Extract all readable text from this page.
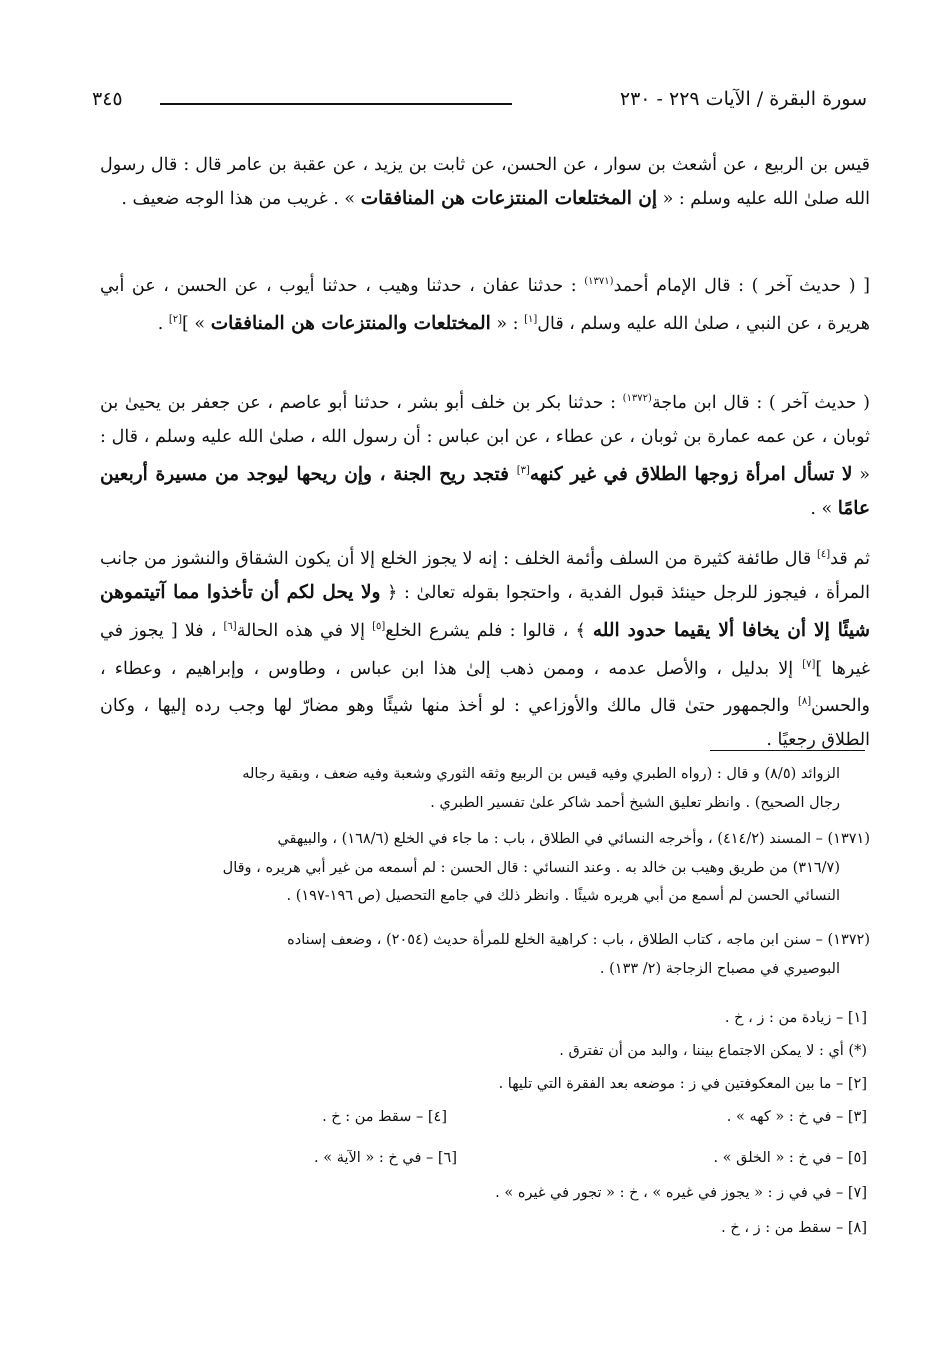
سورة البقرة / الآيات ٢٢٩ - ٢٣٠
٣٤٥

قيس بن الربيع ، عن أشعث بن سوار ، عن الحسن، عن ثابت بن يزيد ، عن عقبة بن عامر قال : قال رسول الله صلىٰ الله عليه وسلم : « إن المختلعات المنتزعات هن المنافقات » . غريب من هذا الوجه ضعيف .

[ ( حديث آخر ) : قال الإمام أحمد$^{(١٣٧١)}$ : حدثنا عفان ، حدثنا وهيب ، حدثنا أيوب ، عن الحسن ، عن أبي هريرة ، عن النبي ، صلىٰ الله عليه وسلم ، قال[١] : « المختلعات والمنتزعات هن المنافقات » ][٢] .

( حديث آخر ) : قال ابن ماجة$^{(١٣٧٢)}$ : حدثنا بكر بن خلف أبو بشر ، حدثنا أبو عاصم ، عن جعفر بن يحيىٰ بن ثوبان ، عن عمه عمارة بن ثوبان ، عن عطاء ، عن ابن عباس : أن رسول الله ، صلىٰ الله عليه وسلم ، قال : « لا تسأل امرأة زوجها الطلاق في غير كنهه[٣] فتجد ريح الجنة ، وإن ريحها ليوجد من مسيرة أربعين عامًا » .

ثم قد[٤] قال طائفة كثيرة من السلف وأئمة الخلف : إنه لا يجوز الخلع إلا أن يكون الشقاق والنشوز من جانب المرأة ، فيجوز للرجل حينئذ قبول الفدية ، واحتجوا بقوله تعالىٰ : ﴿ ولا يحل لكم أن تأخذوا مما آتيتموهن شيئًا إلا أن يخافا ألا يقيما حدود الله ﴾ ، قالوا : فلم يشرع الخلع[٥] إلا في هذه الحالة[٦] ، فلا [ يجوز في غيرها ][٧] إلا بدليل ، والأصل عدمه ، وممن ذهب إلىٰ هذا ابن عباس ، وطاوس ، وإبراهيم ، وعطاء ، والحسن[٨] والجمهور حتىٰ قال مالك والأوزاعي : لو أخذ منها شيئًا وهو مضارّ لها وجب رده إليها ، وكان الطلاق رجعيًا .

الزوائد (٨/٥) و قال : (رواه الطبري وفيه قيس بن الربيع وثقه الثوري وشعبة وفيه ضعف ، وبقية رجاله
رجال الصحيح) . وانظر تعليق الشيخ أحمد شاكر علىٰ تفسير الطبري .
(١٣٧١) – المسند (٤١٤/٢) ، وأخرجه النسائي في الطلاق ، باب : ما جاء في الخلع (١٦٨/٦) ، والبيهقي
(٣١٦/٧) من طريق وهيب بن خالد به . وعند النسائي : قال الحسن : لم أسمعه من غير أبي هريره ، وقال
النسائي الحسن لم أسمع من أبي هريره شيئًا . وانظر ذلك في جامع التحصيل (ص ١٩٦-١٩٧) .
(١٣٧٢) – سنن ابن ماجه ، كتاب الطلاق ، باب : كراهية الخلع للمرأة حديث (٢٠٥٤) ، وضعف إسناده
البوصيري في مصباح الزجاجة (٢/ ١٣٣) .
[١] – زيادة من : ز ، خ .
(*) أي : لا يمكن الاجتماع بيننا ، والبد من أن تفترق .
[٢] – ما بين المعكوفتين في ز : موضعه بعد الفقرة التي تليها .
[٣] – في خ : « كهه » .
[٤] – سقط من : خ .
[٥] – في خ : « الخلق » .
[٦] – في خ : « الآية » .
[٧] – في في ز : « يجوز في غيره » ، خ : « تجور في غيره » .
[٨] – سقط من : ز ، خ .
